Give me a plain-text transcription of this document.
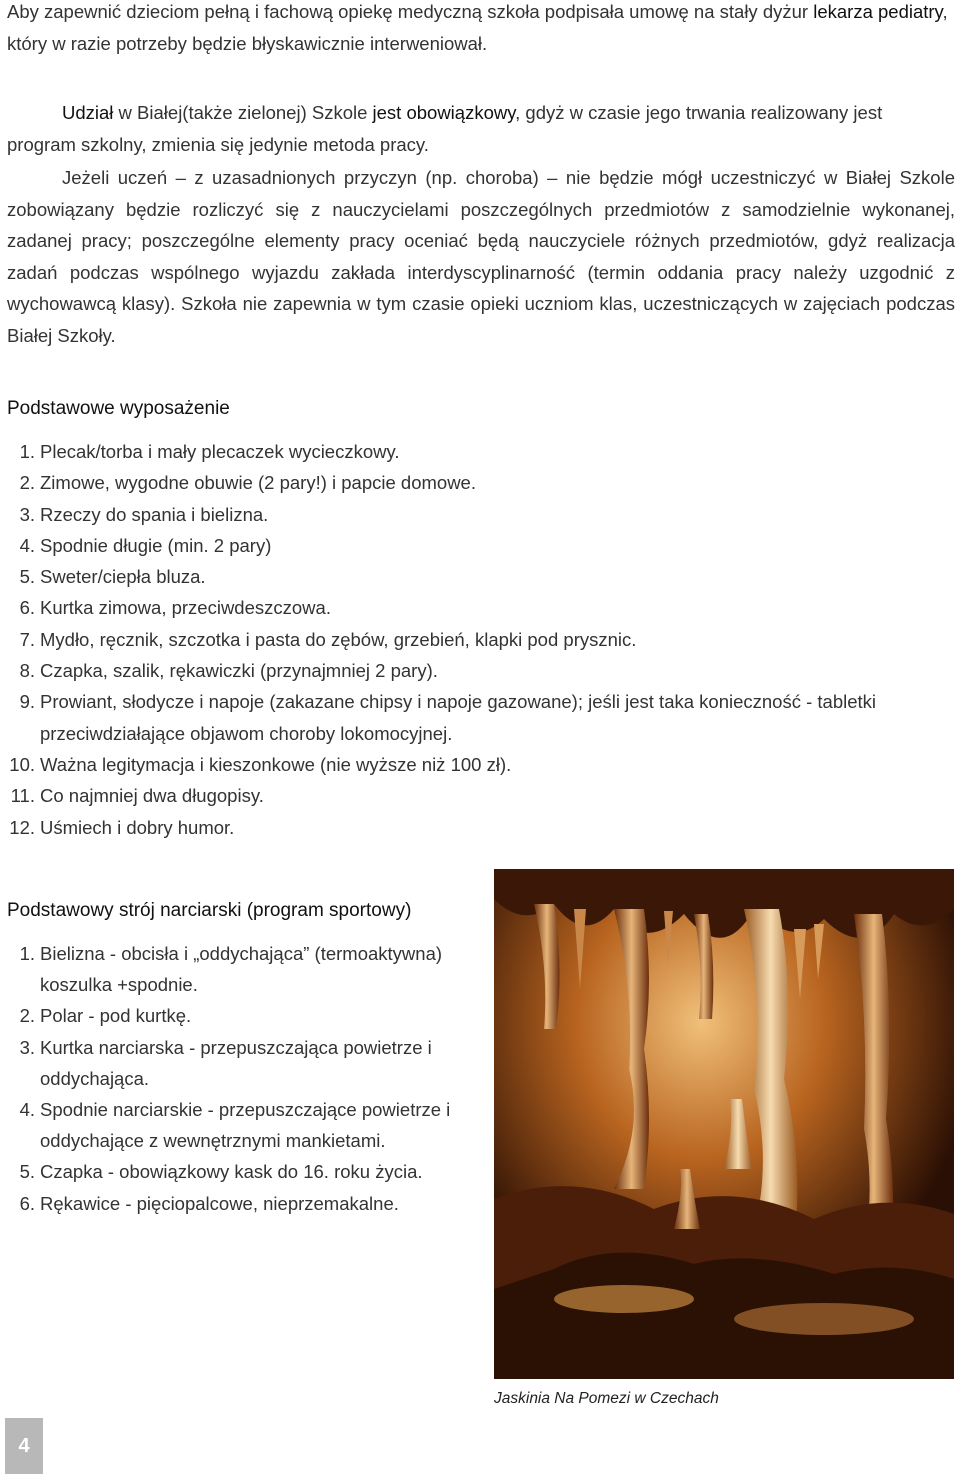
Aby zapewnić dzieciom pełną i fachową opiekę medyczną szkoła podpisała umowę na stały dyżur lekarza pediatry, który w razie potrzeby będzie błyskawicznie interweniował.

Udział w Białej(także zielonej) Szkole jest obowiązkowy, gdyż w czasie jego trwania realizowany jest program szkolny, zmienia się jedynie metoda pracy.

Jeżeli uczeń – z uzasadnionych przyczyn (np. choroba) – nie będzie mógł uczestniczyć w Białej Szkole zobowiązany będzie rozliczyć się z nauczycielami poszczególnych przedmiotów z samodzielnie wykonanej, zadanej pracy; poszczególne elementy pracy oceniać będą nauczyciele różnych przedmiotów, gdyż realizacja zadań podczas wspólnego wyjazdu zakłada interdyscyplinarność (termin oddania pracy należy uzgodnić z wychowawcą klasy). Szkoła nie zapewnia w tym czasie opieki uczniom klas, uczestniczących w zajęciach podczas Białej Szkoły.

Podstawowe wyposażenie
1. Plecak/torba i mały plecaczek wycieczkowy.
2. Zimowe, wygodne obuwie (2 pary!) i papcie domowe.
3. Rzeczy do spania i bielizna.
4. Spodnie długie (min. 2 pary)
5. Sweter/ciepła bluza.
6. Kurtka zimowa, przeciwdeszczowa.
7. Mydło, ręcznik, szczotka i pasta do zębów, grzebień, klapki pod prysznic.
8. Czapka, szalik, rękawiczki (przynajmniej 2 pary).
9. Prowiant, słodycze i napoje (zakazane chipsy i napoje gazowane); jeśli jest taka konieczność - tabletki przeciwdziałające objawom choroby lokomocyjnej.
10. Ważna legitymacja i kieszonkowe (nie wyższe niż 100 zł).
11. Co najmniej dwa długopisy.
12. Uśmiech i dobry humor.
Podstawowy strój narciarski (program sportowy)
1. Bielizna - obcisła i „oddychająca” (termoaktywna) koszulka +spodnie.
2. Polar - pod kurtkę.
3. Kurtka narciarska - przepuszczająca powietrze i oddychająca.
4. Spodnie narciarskie - przepuszczające powietrze i oddychające z wewnętrznymi mankietami.
5. Czapka - obowiązkowy kask do 16. roku życia.
6. Rękawice - pięciopalcowe, nieprzemakalne.
Jaskinia Na Pomezi w Czechach
4
